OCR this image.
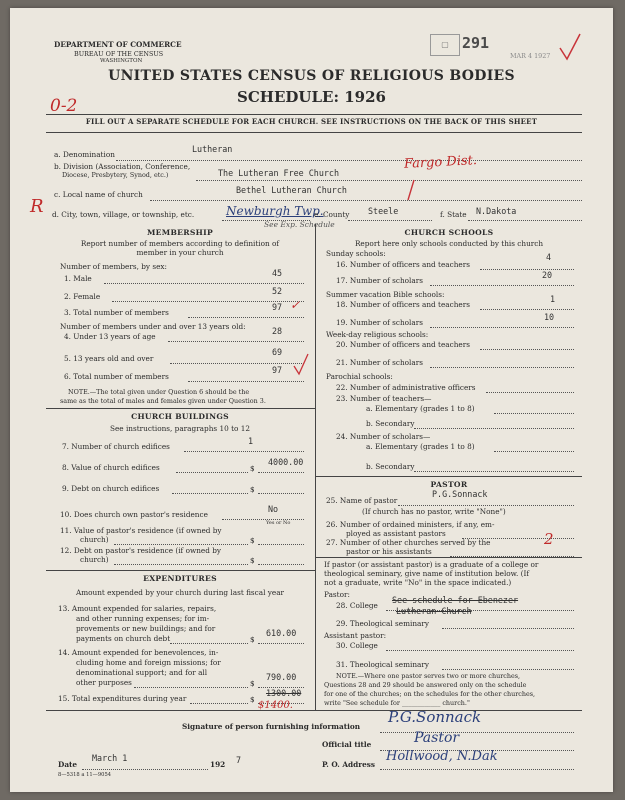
DEPARTMENT OF COMMERCE
BUREAU OF THE CENSUS
WASHINGTON
▢ 291
MAR 4 1927
UNITED STATES CENSUS OF RELIGIOUS BODIES
SCHEDULE: 1926
0-2
FILL OUT A SEPARATE SCHEDULE FOR EACH CHURCH. SEE INSTRUCTIONS ON THE BACK OF THIS SHEET
a. Denomination
Lutheran
b. Division (Association, Conference,
Diocese, Presbytery, Synod, etc.)	The Lutheran Free Church
Fargo Dist.
c. Local name of church	Bethel Lutheran Church
R d. City, town, village, or township, etc.	Newburgh Twp.
See Exp. Schedule
e. County Steele	f. State N.Dakota
MEMBERSHIP
Report number of members according to definition of
member in your church
Number of members, by sex:
1. Male
45
2. Female
52
3. Total number of members
97 ✓
Number of members under and over 13 years old:
4. Under 13 years of age
28
5. 13 years old and over
69
6. Total number of members
97
NOTE.—The total given under Question 6 should be the
same as the total of males and females given under Question 3.
CHURCH BUILDINGS
See instructions, paragraphs 10 to 12
7. Number of church edifices
1
8. Value of church edifices	$
4000.00
9. Debt on church edifices	$
10. Does church own pastor's residence
No
Yes or No
11. Value of pastor's residence (if owned by
church)	$
12. Debt on pastor's residence (if owned by
church)	$
EXPENDITURES
Amount expended by your church during last fiscal year
13. Amount expended for salaries, repairs,
and other running expenses; for im-
provements or new buildings; and for
payments on church debt	$
610.00
14. Amount expended for benevolences, in-
cluding home and foreign missions; for
denominational support; and for all
other purposes	$
790.00
15. Total expenditures during year	$
1300.00
$1400.
CHURCH SCHOOLS
Report here only schools conducted by this church
Sunday schools:
16. Number of officers and teachers
4
17. Number of scholars
20
Summer vacation Bible schools:
18. Number of officers and teachers
1
19. Number of scholars
10
Week-day religious schools:
20. Number of officers and teachers
21. Number of scholars
Parochial schools:
22. Number of administrative officers
23. Number of teachers—
a. Elementary (grades 1 to 8)
b. Secondary
24. Number of scholars—
a. Elementary (grades 1 to 8)
b. Secondary
PASTOR
25. Name of pastor
P.G.Sonnack
(If church has no pastor, write "None")
26. Number of ordained ministers, if any, em-
ployed as assistant pastors
27. Number of other churches served by the
pastor or his assistants
2
If pastor (or assistant pastor) is a graduate of a college or
theological seminary, give name of institution below. (If
not a graduate, write "No" in the space indicated.)
Pastor:
28. College
See schedule for Ebenezer
Lutheran Church
29. Theological seminary
Assistant pastor:
30. College
31. Theological seminary
NOTE.—Where one pastor serves two or more churches,
Questions 28 and 29 should be answered only on the schedule
for one of the churches; on the schedules for the other churches,
write "See schedule for ____________ church."
Signature of person furnishing information
P.G.Sonnack
Official title	Pastor
Date
March 1
192 7
8—5318 a 11—9054
P. O. Address
Hollwood, N.Dak
